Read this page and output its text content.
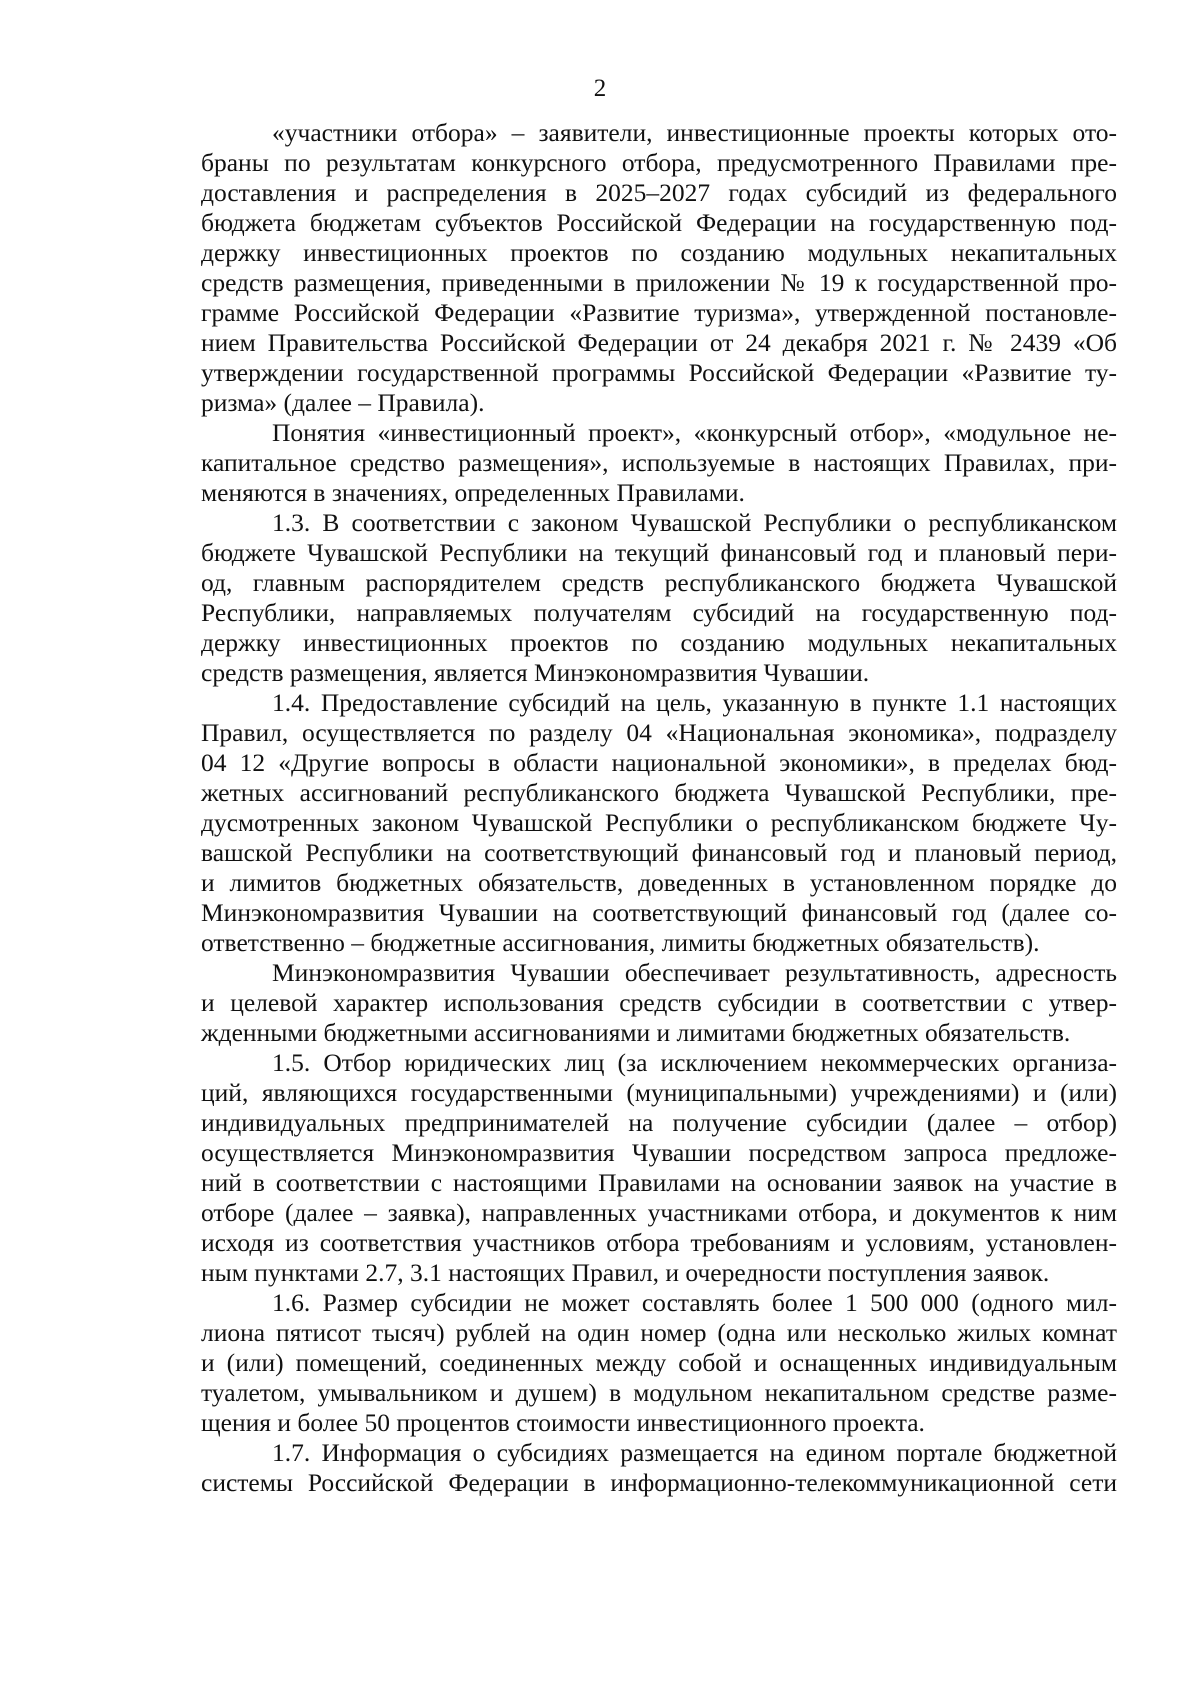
2
«участники отбора» – заявители, инвестиционные проекты которых ото-
браны по результатам конкурсного отбора, предусмотренного Правилами пре-
доставления и распределения в 2025–2027 годах субсидий из федерального
бюджета бюджетам субъектов Российской Федерации на государственную под-
держку инвестиционных проектов по созданию модульных некапитальных
средств размещения, приведенными в приложении № 19 к государственной про-
грамме Российской Федерации «Развитие туризма», утвержденной постановле-
нием Правительства Российской Федерации от 24 декабря 2021 г. № 2439 «Об
утверждении государственной программы Российской Федерации «Развитие ту-
ризма» (далее – Правила).
Понятия «инвестиционный проект», «конкурсный отбор», «модульное не-
капитальное средство размещения», используемые в настоящих Правилах, при-
меняются в значениях, определенных Правилами.
1.3. В соответствии с законом Чувашской Республики о республиканском
бюджете Чувашской Республики на текущий финансовый год и плановый пери-
од, главным распорядителем средств республиканского бюджета Чувашской
Республики, направляемых получателям субсидий на государственную под-
держку инвестиционных проектов по созданию модульных некапитальных
средств размещения, является Минэкономразвития Чувашии.
1.4. Предоставление субсидий на цель, указанную в пункте 1.1 настоящих
Правил, осуществляется по разделу 04 «Национальная экономика», подразделу
04 12 «Другие вопросы в области национальной экономики», в пределах бюд-
жетных ассигнований республиканского бюджета Чувашской Республики, пре-
дусмотренных законом Чувашской Республики о республиканском бюджете Чу-
вашской Республики на соответствующий финансовый год и плановый период,
и лимитов бюджетных обязательств, доведенных в установленном порядке до
Минэкономразвития Чувашии на соответствующий финансовый год (далее со-
ответственно – бюджетные ассигнования, лимиты бюджетных обязательств).
Минэкономразвития Чувашии обеспечивает результативность, адресность
и целевой характер использования средств субсидии в соответствии с утвер-
жденными бюджетными ассигнованиями и лимитами бюджетных обязательств.
1.5. Отбор юридических лиц (за исключением некоммерческих организа-
ций, являющихся государственными (муниципальными) учреждениями) и (или)
индивидуальных предпринимателей на получение субсидии (далее – отбор)
осуществляется Минэкономразвития Чувашии посредством запроса предложе-
ний в соответствии с настоящими Правилами на основании заявок на участие в
отборе (далее – заявка), направленных участниками отбора, и документов к ним
исходя из соответствия участников отбора требованиям и условиям, установлен-
ным пунктами 2.7, 3.1 настоящих Правил, и очередности поступления заявок.
1.6. Размер субсидии не может составлять более 1 500 000 (одного мил-
лиона пятисот тысяч) рублей на один номер (одна или несколько жилых комнат
и (или) помещений, соединенных между собой и оснащенных индивидуальным
туалетом, умывальником и душем) в модульном некапитальном средстве разме-
щения и более 50 процентов стоимости инвестиционного проекта.
1.7. Информация о субсидиях размещается на едином портале бюджетной
системы Российской Федерации в информационно-телекоммуникационной сети
